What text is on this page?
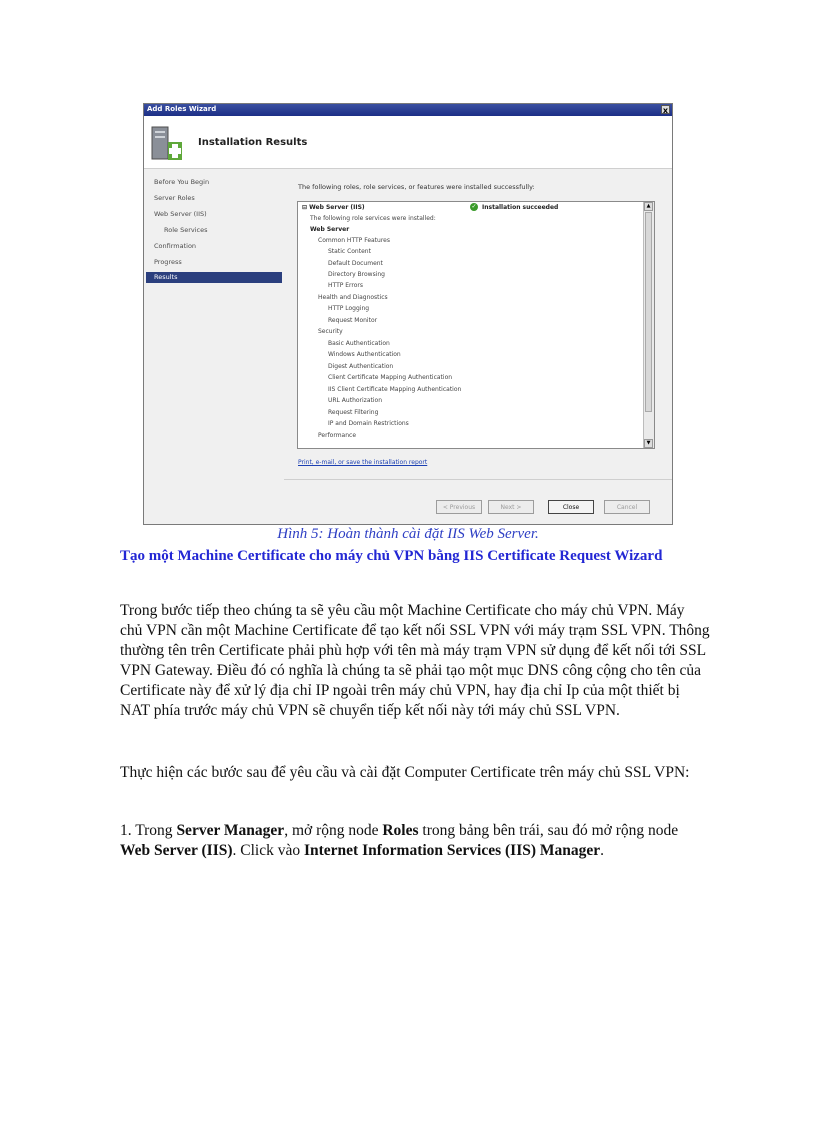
Add Roles Wizard	x
Installation Results
Before You Begin
Server Roles
Web Server (IIS)
Role Services
Confirmation
Progress
Results
The following roles, role services, or features were installed successfully:
⊟ Web Server (IIS)	✓ Installation succeeded
The following role services were installed:
Web Server
Common HTTP Features
Static Content
Default Document
Directory Browsing
HTTP Errors
Health and Diagnostics
HTTP Logging
Request Monitor
Security
Basic Authentication
Windows Authentication
Digest Authentication
Client Certificate Mapping Authentication
IIS Client Certificate Mapping Authentication
URL Authorization
Request Filtering
IP and Domain Restrictions
Performance
▲
▼
Print, e-mail, or save the installation report
< Previous	Next >	Close	Cancel
Hình 5: Hoàn thành cài đặt IIS Web Server.
Tạo một Machine Certificate cho máy chủ VPN bằng IIS Certificate Request Wizard
Trong bước tiếp theo chúng ta sẽ yêu cầu một Machine Certificate cho máy chủ VPN. Máy chủ VPN cần một Machine Certificate để tạo kết nối SSL VPN với máy trạm SSL VPN. Thông thường tên trên Certificate phải phù hợp với tên mà máy trạm VPN sử dụng để kết nối tới SSL VPN Gateway. Điều đó có nghĩa là chúng ta sẽ phải tạo một mục DNS công cộng cho tên của Certificate này để xử lý địa chỉ IP ngoài trên máy chủ VPN, hay địa chỉ Ip của một thiết bị NAT phía trước máy chủ VPN sẽ chuyển tiếp kết nối này tới máy chủ SSL VPN.
Thực hiện các bước sau để yêu cầu và cài đặt Computer Certificate trên máy chủ SSL VPN:
1. Trong Server Manager, mở rộng node Roles trong bảng bên trái, sau đó mở rộng node Web Server (IIS). Click vào Internet Information Services (IIS) Manager.
